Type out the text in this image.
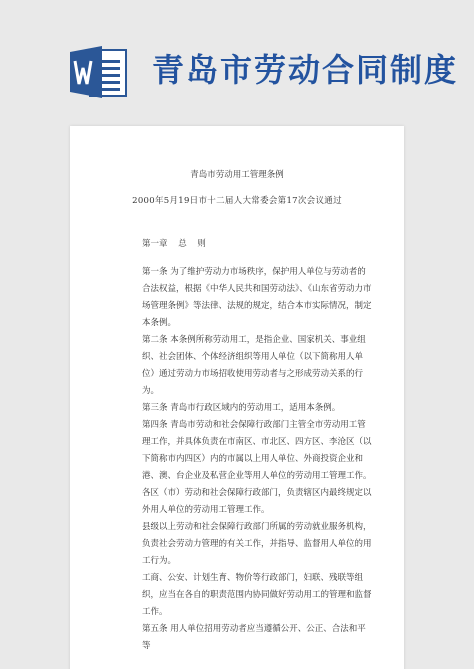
青岛市劳动合同制度
青岛市劳动用工管理条例
2000年5月19日市十二届人大常委会第17次会议通过
第一章 总 则

第一条 为了维护劳动力市场秩序，保护用人单位与劳动者的合法权益，根据《中华人民共和国劳动法》、《山东省劳动力市场管理条例》等法律、法规的规定，结合本市实际情况，制定本条例。

第二条 本条例所称劳动用工，是指企业、国家机关、事业组织、社会团体、个体经济组织等用人单位（以下简称用人单位）通过劳动力市场招收使用劳动者与之形成劳动关系的行为。

第三条 青岛市行政区域内的劳动用工，适用本条例。

第四条 青岛市劳动和社会保障行政部门主管全市劳动用工管理工作，并具体负责在市南区、市北区、四方区、李沧区（以下简称市内四区）内的市属以上用人单位、外商投资企业和港、澳、台企业及私营企业等用人单位的劳动用工管理工作。

各区（市）劳动和社会保障行政部门，负责辖区内最终规定以外用人单位的劳动用工管理工作。

县级以上劳动和社会保障行政部门所属的劳动就业服务机构，负责社会劳动力管理的有关工作，并指导、监督用人单位的用工行为。

工商、公安、计划生育、物价等行政部门，妇联、残联等组织，应当在各自的职责范围内协同做好劳动用工的管理和监督工作。

第五条 用人单位招用劳动者应当遵循公开、公正、合法和平等
